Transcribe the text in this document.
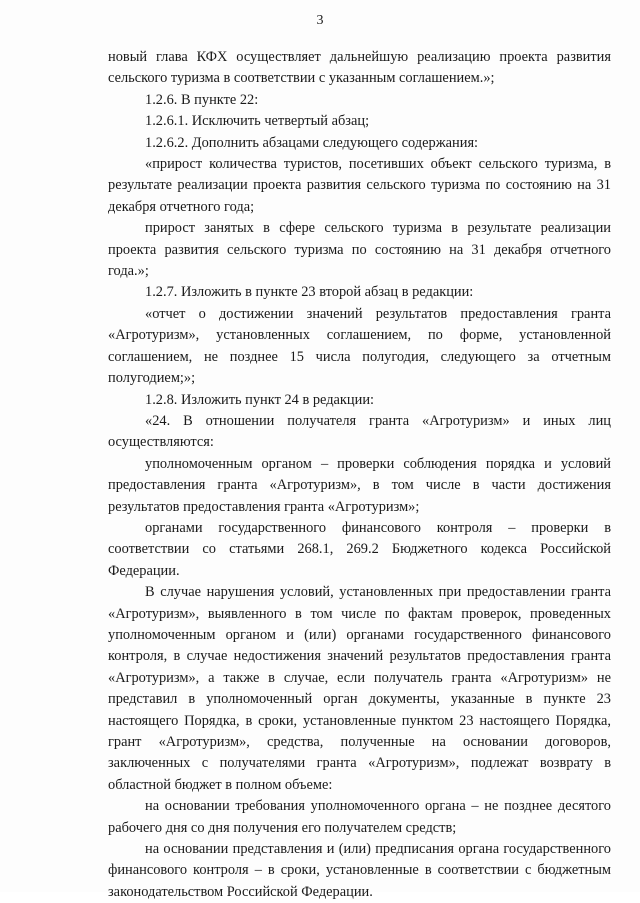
3

новый глава КФХ осуществляет дальнейшую реализацию проекта развития сельского туризма в соответствии с указанным соглашением.»;

1.2.6. В пункте 22:

1.2.6.1. Исключить четвертый абзац;

1.2.6.2. Дополнить абзацами следующего содержания:

«прирост количества туристов, посетивших объект сельского туризма, в результате реализации проекта развития сельского туризма по состоянию на 31 декабря отчетного года;

прирост занятых в сфере сельского туризма в результате реализации проекта развития сельского туризма по состоянию на 31 декабря отчетного года.»;

1.2.7. Изложить в пункте 23 второй абзац в редакции:

«отчет о достижении значений результатов предоставления гранта «Агротуризм», установленных соглашением, по форме, установленной соглашением, не позднее 15 числа полугодия, следующего за отчетным полугодием;»;

1.2.8. Изложить пункт 24 в редакции:

«24. В отношении получателя гранта «Агротуризм» и иных лиц осуществляются:

уполномоченным органом – проверки соблюдения порядка и условий предоставления гранта «Агротуризм», в том числе в части достижения результатов предоставления гранта «Агротуризм»;

органами государственного финансового контроля – проверки в соответствии со статьями 268.1, 269.2 Бюджетного кодекса Российской Федерации.

В случае нарушения условий, установленных при предоставлении гранта «Агротуризм», выявленного в том числе по фактам проверок, проведенных уполномоченным органом и (или) органами государственного финансового контроля, в случае недостижения значений результатов предоставления гранта «Агротуризм», а также в случае, если получатель гранта «Агротуризм» не представил в уполномоченный орган документы, указанные в пункте 23 настоящего Порядка, в сроки, установленные пунктом 23 настоящего Порядка, грант «Агротуризм», средства, полученные на основании договоров, заключенных с получателями гранта «Агротуризм», подлежат возврату в областной бюджет в полном объеме:

на основании требования уполномоченного органа – не позднее десятого рабочего дня со дня получения его получателем средств;

на основании представления и (или) предписания органа государственного финансового контроля – в сроки, установленные в соответствии с бюджетным законодательством Российской Федерации.
